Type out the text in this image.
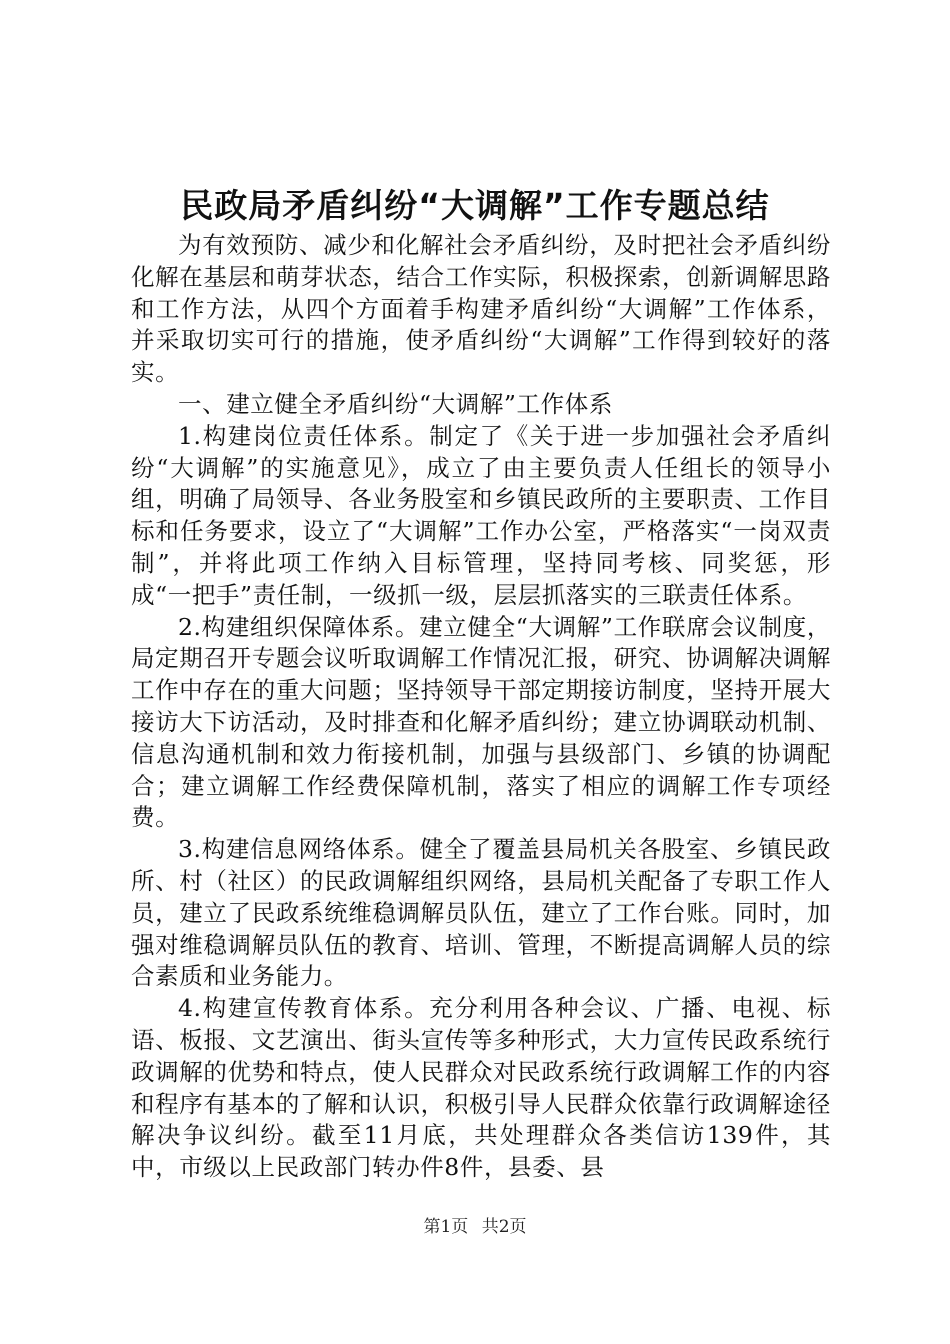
民政局矛盾纠纷“大调解”工作专题总结

为有效预防、减少和化解社会矛盾纠纷，及时把社会矛盾纠纷化解在基层和萌芽状态，结合工作实际，积极探索，创新调解思路和工作方法，从四个方面着手构建矛盾纠纷“大调解”工作体系，并采取切实可行的措施，使矛盾纠纷“大调解”工作得到较好的落实。

一、建立健全矛盾纠纷“大调解”工作体系

1.构建岗位责任体系。制定了《关于进一步加强社会矛盾纠纷“大调解”的实施意见》，成立了由主要负责人任组长的领导小组，明确了局领导、各业务股室和乡镇民政所的主要职责、工作目标和任务要求，设立了“大调解”工作办公室，严格落实“一岗双责制”，并将此项工作纳入目标管理，坚持同考核、同奖惩，形成“一把手”责任制，一级抓一级，层层抓落实的三联责任体系。

2.构建组织保障体系。建立健全“大调解”工作联席会议制度，局定期召开专题会议听取调解工作情况汇报，研究、协调解决调解工作中存在的重大问题；坚持领导干部定期接访制度，坚持开展大接访大下访活动，及时排查和化解矛盾纠纷；建立协调联动机制、信息沟通机制和效力衔接机制，加强与县级部门、乡镇的协调配合；建立调解工作经费保障机制，落实了相应的调解工作专项经费。

3.构建信息网络体系。健全了覆盖县局机关各股室、乡镇民政所、村（社区）的民政调解组织网络，县局机关配备了专职工作人员，建立了民政系统维稳调解员队伍，建立了工作台账。同时，加强对维稳调解员队伍的教育、培训、管理，不断提高调解人员的综合素质和业务能力。

4.构建宣传教育体系。充分利用各种会议、广播、电视、标语、板报、文艺演出、街头宣传等多种形式，大力宣传民政系统行政调解的优势和特点，使人民群众对民政系统行政调解工作的内容和程序有基本的了解和认识，积极引导人民群众依靠行政调解途径解决争议纠纷。截至11月底，共处理群众各类信访139件，其中，市级以上民政部门转办件8件，县委、县

第1页 共2页
